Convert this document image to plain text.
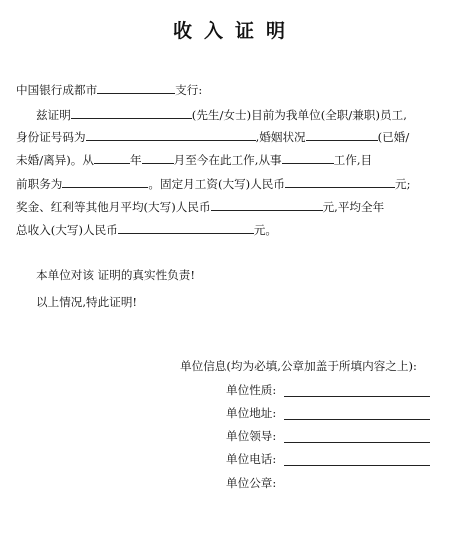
收入证明
中国银行成都市	支行:
兹证明	(先生/女士)目前为我单位(全职/兼职)员工,
身份证号码为	,婚姻状况	(已婚/
未婚/离异)。从	年	月至今在此工作,从事	工作,目
前职务为	。固定月工资(大写)人民币	元;
奖金、红利等其他月平均(大写)人民币	元,平均全年
总收入(大写)人民币	元。
本单位对该 证明的真实性负责!
以上情况,特此证明!
单位信息(均为必填,公章加盖于所填内容之上):
单位性质:
单位地址:
单位领导:
单位电话:
单位公章:
